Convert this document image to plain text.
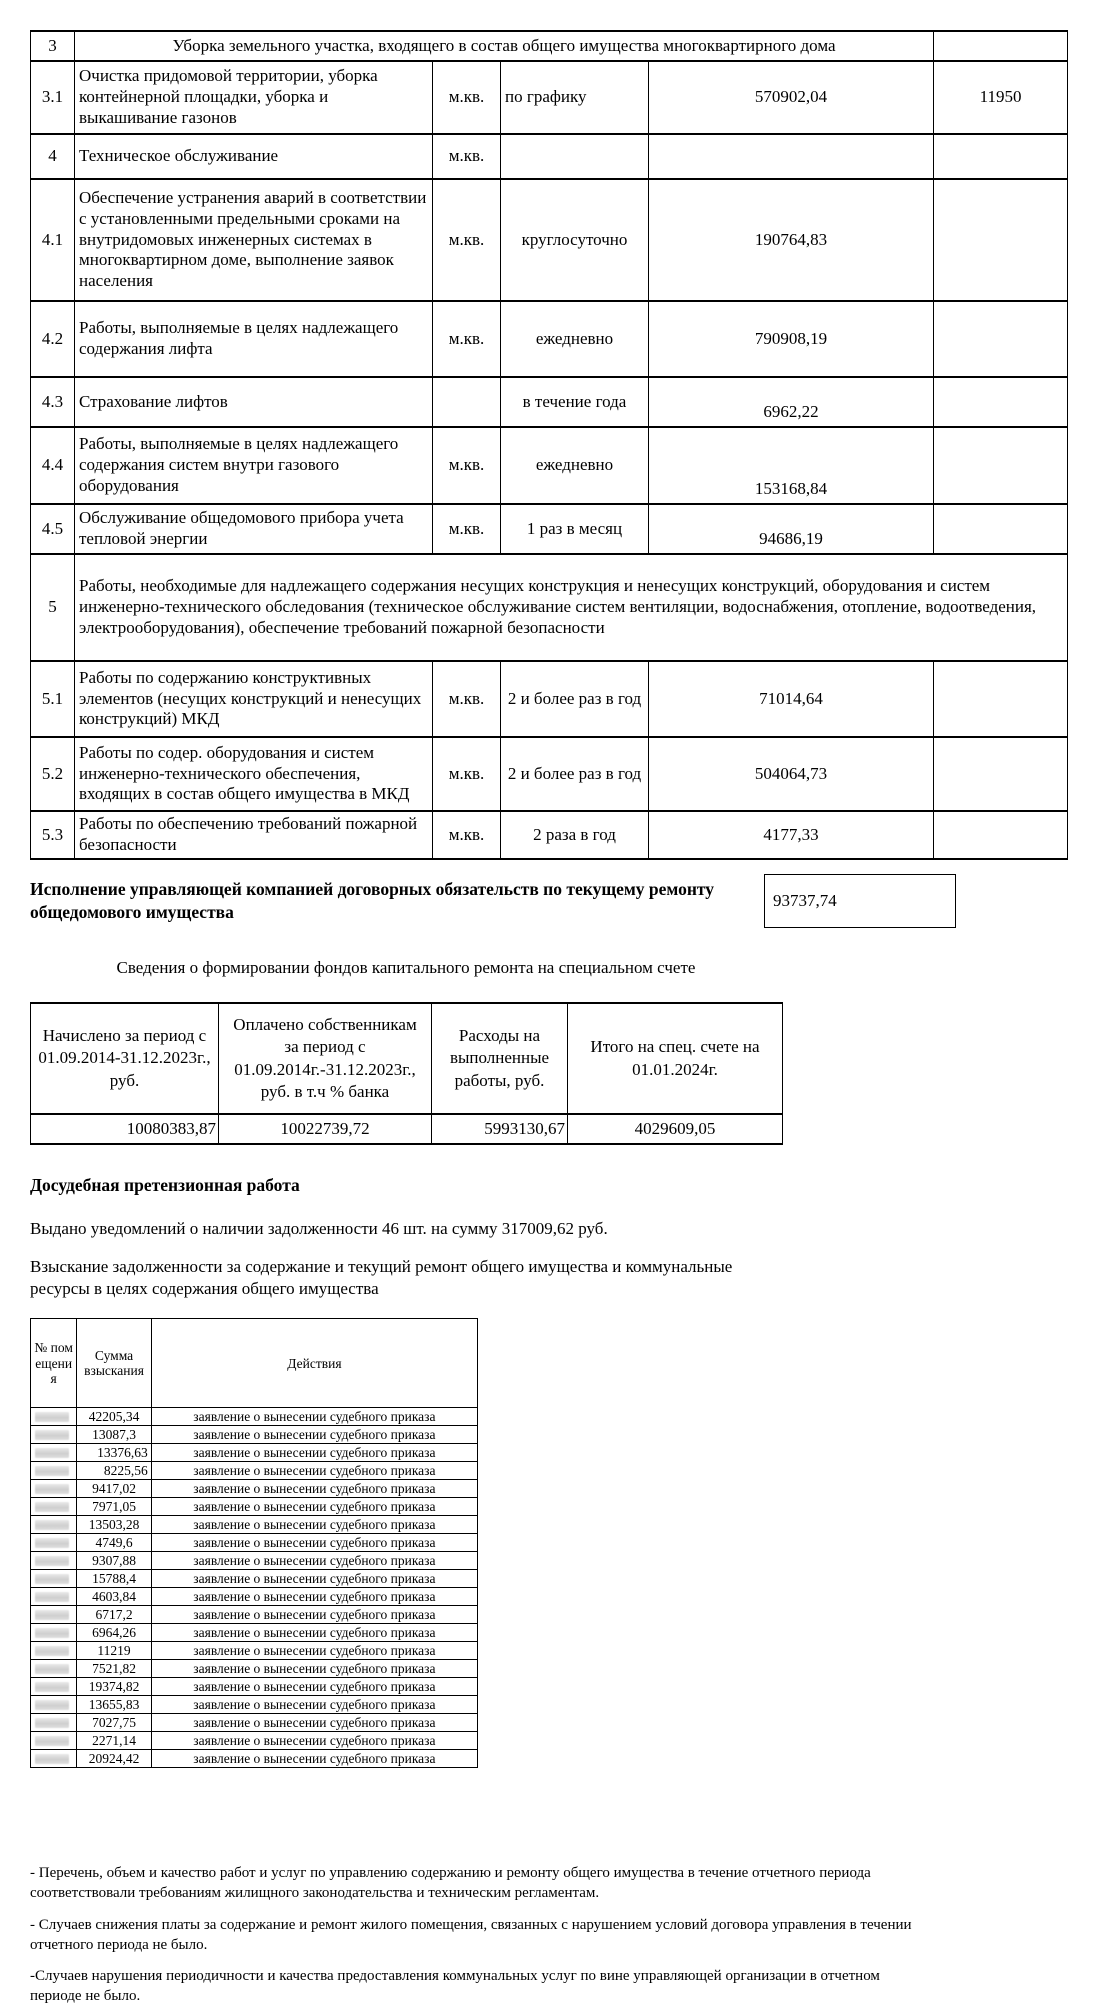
3	Уборка земельного участка, входящего в состав общего имущества многоквартирного дома				
3.1	Очистка придомовой территории, уборка контейнерной площадки, уборка и выкашивание газонов	м.кв.	по графику	570902,04	11950
4	Техническое обслуживание	м.кв.			
4.1	Обеспечение устранения аварий в соответствии с установленными предельными сроками на внутридомовых инженерных системах в многоквартирном доме, выполнение заявок населения	м.кв.	круглосуточно	190764,83	
4.2	Работы, выполняемые в целях надлежащего содержания лифта	м.кв.	ежедневно	790908,19	
4.3	Страхование лифтов		в течение года	6962,22	
4.4	Работы, выполняемые в целях надлежащего содержания систем внутри газового оборудования	м.кв.	ежедневно	153168,84	
4.5	Обслуживание общедомового прибора учета тепловой энергии	м.кв.	1 раз в месяц	94686,19	
5	Работы, необходимые для надлежащего содержания несущих конструкция и ненесущих конструкций, оборудования и систем инженерно-технического обследования (техническое обслуживание систем вентиляции, водоснабжения, отопление, водоотведения, электрооборудования), обеспечение требований пожарной безопасности				
5.1	Работы по содержанию конструктивных элементов (несущих конструкций и ненесущих конструкций) МКД	м.кв.	2 и более раз в год	71014,64	
5.2	Работы по содер. оборудования и систем инженерно-технического обеспечения, входящих в состав общего имущества в МКД	м.кв.	2 и более раз в год	504064,73	
5.3	Работы по обеспечению требований пожарной безопасности	м.кв.	2 раза в год	4177,33	

Исполнение управляющей компанией договорных обязательств по текущему ремонту общедомового имущества

93737,74

Сведения о формировании фондов капитального ремонта на специальном счете

Начислено за период с 01.09.2014-31.12.2023г., руб.	Оплачено собственникам за период с 01.09.2014г.-31.12.2023г., руб. в т.ч % банка	Расходы на выполненные работы, руб.	Итого на спец. счете на 01.01.2024г.
10080383,87	10022739,72	5993130,67	4029609,05

Досудебная претензионная работа

Выдано уведомлений о наличии задолженности 46 шт. на сумму 317009,62 руб.

Взыскание задолженности за содержание и текущий ремонт общего имущества и коммунальные ресурсы в целях содержания общего имущества

№ помещения	Сумма взыскания	Действия

	42205,34	заявление о вынесении судебного приказа

	13087,3	заявление о вынесении судебного приказа

	13376,63	заявление о вынесении судебного приказа

	8225,56	заявление о вынесении судебного приказа

	9417,02	заявление о вынесении судебного приказа

	7971,05	заявление о вынесении судебного приказа

	13503,28	заявление о вынесении судебного приказа

	4749,6	заявление о вынесении судебного приказа

	9307,88	заявление о вынесении судебного приказа

	15788,4	заявление о вынесении судебного приказа

	4603,84	заявление о вынесении судебного приказа

	6717,2	заявление о вынесении судебного приказа

	6964,26	заявление о вынесении судебного приказа

	11219	заявление о вынесении судебного приказа

	7521,82	заявление о вынесении судебного приказа

	19374,82	заявление о вынесении судебного приказа

	13655,83	заявление о вынесении судебного приказа

	7027,75	заявление о вынесении судебного приказа

	2271,14	заявление о вынесении судебного приказа

	20924,42	заявление о вынесении судебного приказа

- Перечень, объем и качество работ и услуг по управлению содержанию и ремонту общего имущества в течение отчетного периода соответствовали требованиям жилищного законодательства и техническим регламентам.

- Случаев снижения платы за содержание и ремонт жилого помещения, связанных с нарушением условий договора управления в течении отчетного периода не было.

-Случаев нарушения периодичности и качества предоставления коммунальных услуг по вине управляющей организации в отчетном периоде не было.
